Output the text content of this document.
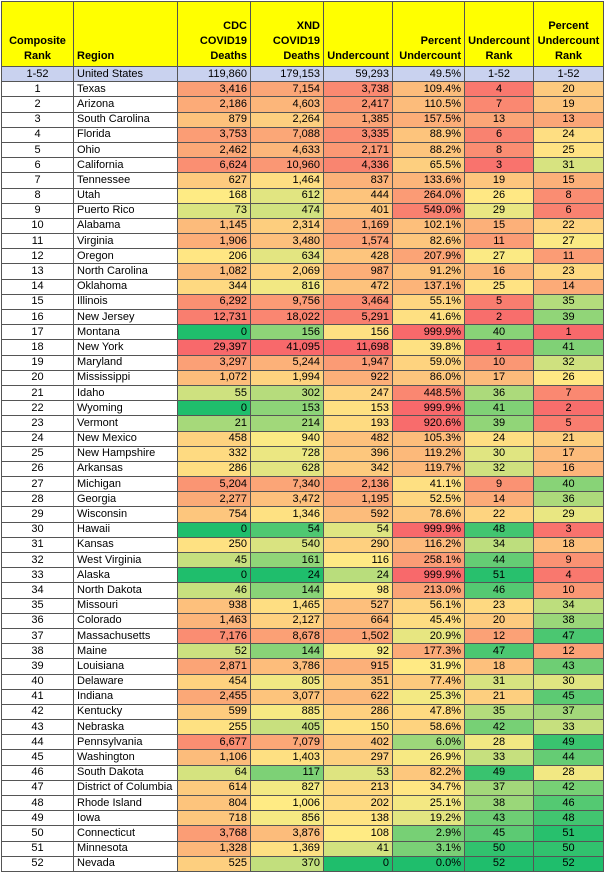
Composite Rank	Region	CDC COVID19 Deaths	XND COVID19 Deaths	Undercount	Percent Undercount	Undercount Rank	Percent Undercount Rank
1-52	United States	119,860	179,153	59,293	49.5%	1-52	1-52
1	Texas	3,416	7,154	3,738	109.4%	4	20
2	Arizona	2,186	4,603	2,417	110.5%	7	19
3	South Carolina	879	2,264	1,385	157.5%	13	13
4	Florida	3,753	7,088	3,335	88.9%	6	24
5	Ohio	2,462	4,633	2,171	88.2%	8	25
6	California	6,624	10,960	4,336	65.5%	3	31
7	Tennessee	627	1,464	837	133.6%	19	15
8	Utah	168	612	444	264.0%	26	8
9	Puerto Rico	73	474	401	549.0%	29	6
10	Alabama	1,145	2,314	1,169	102.1%	15	22
11	Virginia	1,906	3,480	1,574	82.6%	11	27
12	Oregon	206	634	428	207.9%	27	11
13	North Carolina	1,082	2,069	987	91.2%	16	23
14	Oklahoma	344	816	472	137.1%	25	14
15	Illinois	6,292	9,756	3,464	55.1%	5	35
16	New Jersey	12,731	18,022	5,291	41.6%	2	39
17	Montana	0	156	156	999.9%	40	1
18	New York	29,397	41,095	11,698	39.8%	1	41
19	Maryland	3,297	5,244	1,947	59.0%	10	32
20	Mississippi	1,072	1,994	922	86.0%	17	26
21	Idaho	55	302	247	448.5%	36	7
22	Wyoming	0	153	153	999.9%	41	2
23	Vermont	21	214	193	920.6%	39	5
24	New Mexico	458	940	482	105.3%	24	21
25	New Hampshire	332	728	396	119.2%	30	17
26	Arkansas	286	628	342	119.7%	32	16
27	Michigan	5,204	7,340	2,136	41.1%	9	40
28	Georgia	2,277	3,472	1,195	52.5%	14	36
29	Wisconsin	754	1,346	592	78.6%	22	29
30	Hawaii	0	54	54	999.9%	48	3
31	Kansas	250	540	290	116.2%	34	18
32	West Virginia	45	161	116	258.1%	44	9
33	Alaska	0	24	24	999.9%	51	4
34	North Dakota	46	144	98	213.0%	46	10
35	Missouri	938	1,465	527	56.1%	23	34
36	Colorado	1,463	2,127	664	45.4%	20	38
37	Massachusetts	7,176	8,678	1,502	20.9%	12	47
38	Maine	52	144	92	177.3%	47	12
39	Louisiana	2,871	3,786	915	31.9%	18	43
40	Delaware	454	805	351	77.4%	31	30
41	Indiana	2,455	3,077	622	25.3%	21	45
42	Kentucky	599	885	286	47.8%	35	37
43	Nebraska	255	405	150	58.6%	42	33
44	Pennsylvania	6,677	7,079	402	6.0%	28	49
45	Washington	1,106	1,403	297	26.9%	33	44
46	South Dakota	64	117	53	82.2%	49	28
47	District of Columbia	614	827	213	34.7%	37	42
48	Rhode Island	804	1,006	202	25.1%	38	46
49	Iowa	718	856	138	19.2%	43	48
50	Connecticut	3,768	3,876	108	2.9%	45	51
51	Minnesota	1,328	1,369	41	3.1%	50	50
52	Nevada	525	370	0	0.0%	52	52
